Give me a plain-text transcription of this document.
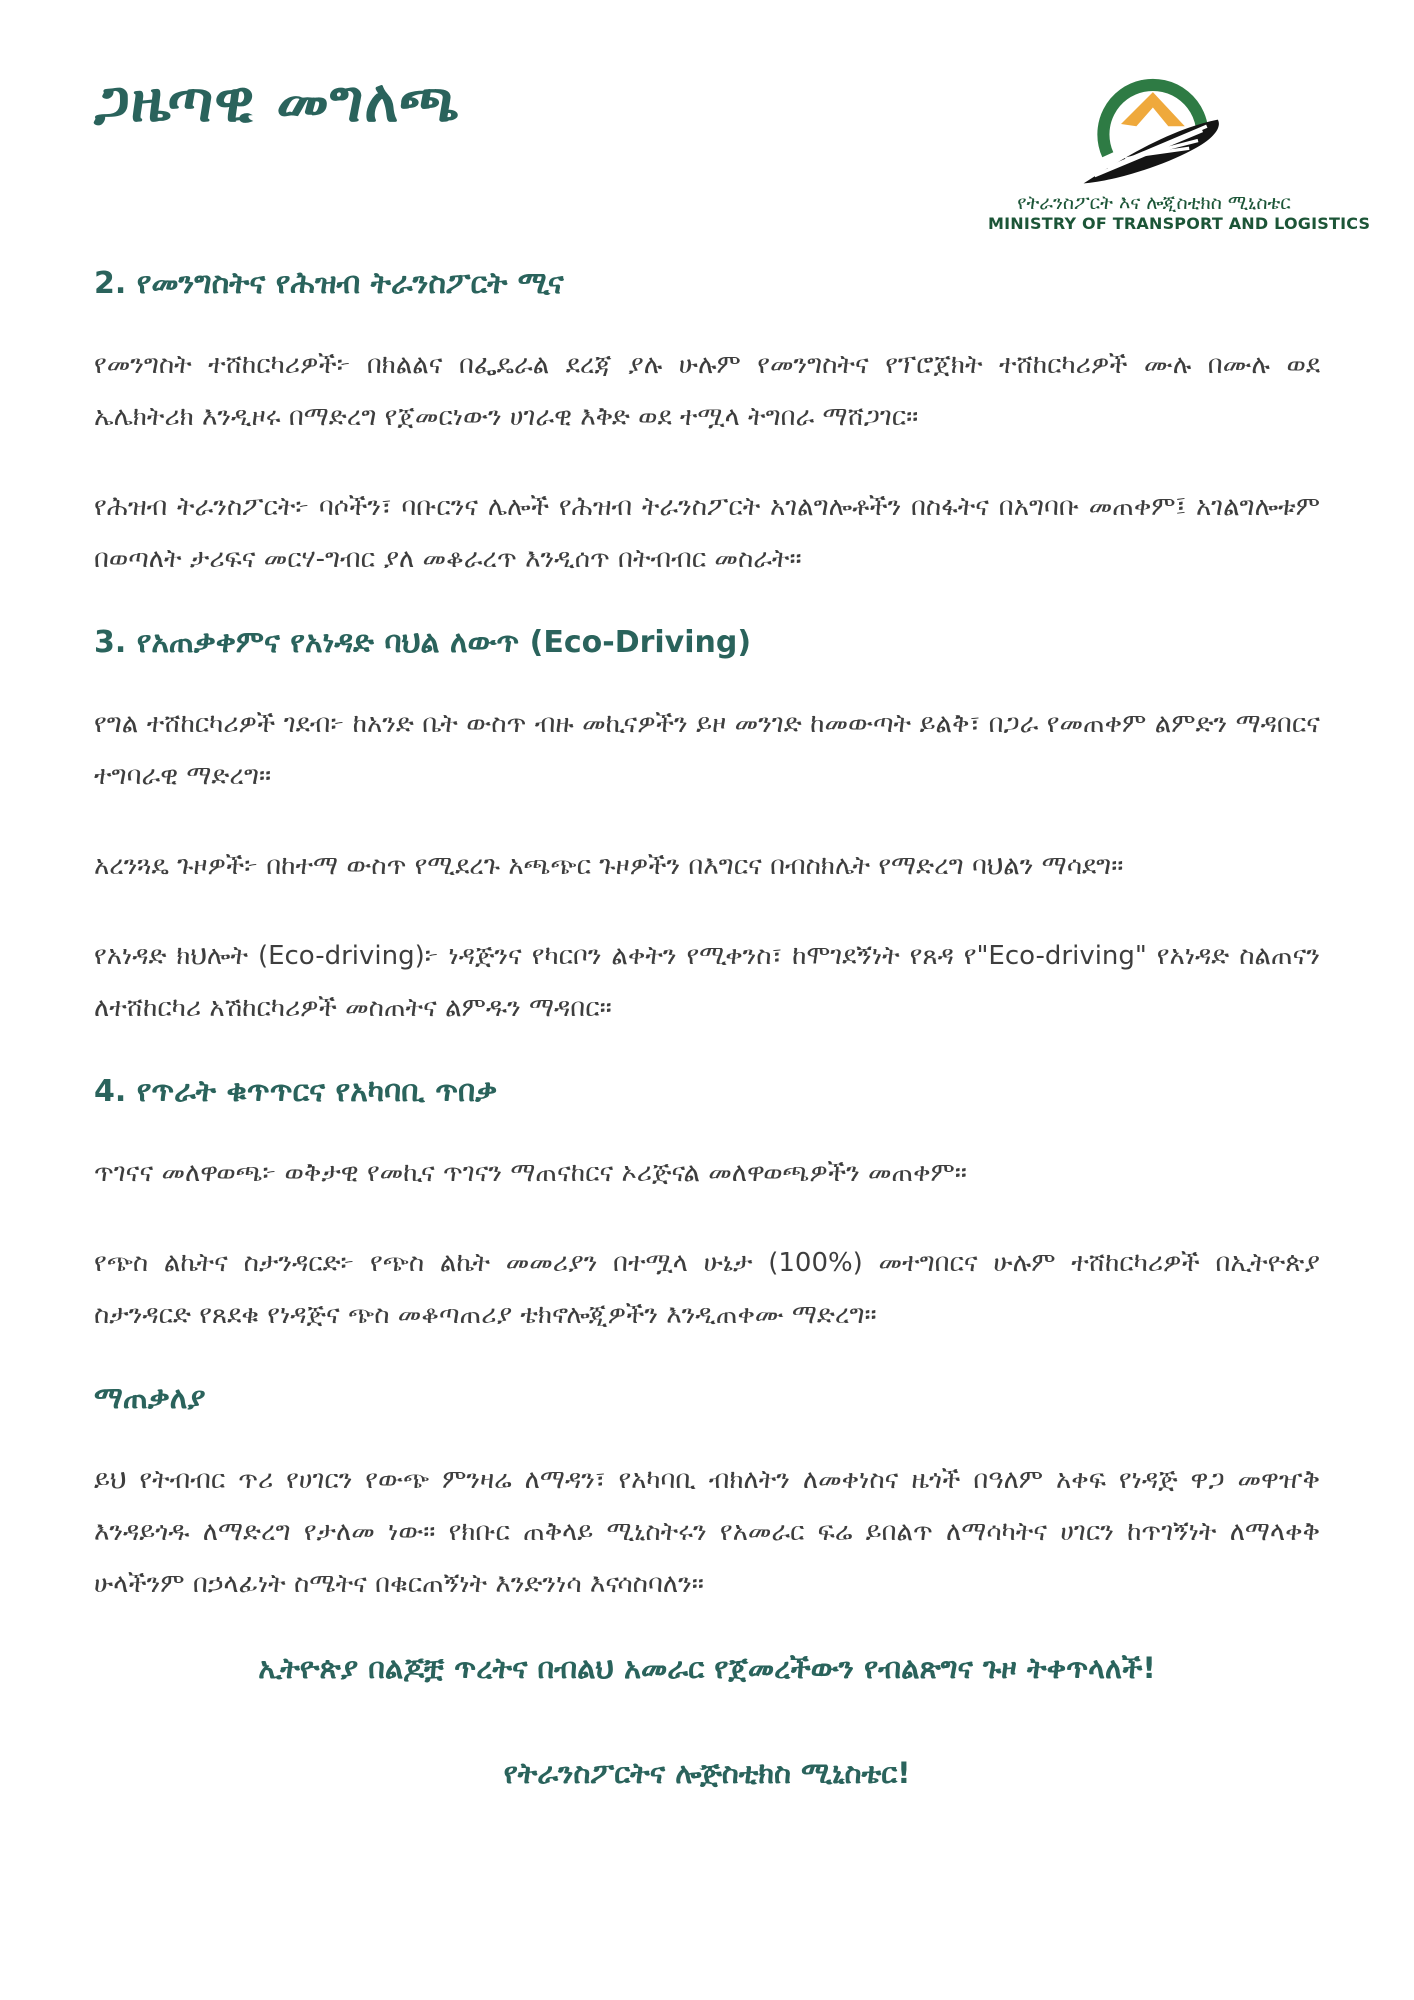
ጋዜጣዊ መግለጫ
የትራንስፖርት እና ሎጂስቲክስ ሚኒስቴር
MINISTRY OF TRANSPORT AND LOGISTICS
2. የመንግስትና የሕዝብ ትራንስፖርት ሚና

የመንግስት ተሸከርካሪዎች፦ በክልልና በፌዴራል ደረጃ ያሉ ሁሉም የመንግስትና የፕሮጀክት ተሸከርካሪዎች ሙሉ በሙሉ ወደ ኤሌክትሪክ እንዲዞሩ በማድረግ የጀመርነውን ሀገራዊ እቅድ ወደ ተሟላ ትግበራ ማሸጋገር።

የሕዝብ ትራንስፖርት፦ ባሶችን፣ ባቡርንና ሌሎች የሕዝብ ትራንስፖርት አገልግሎቶችን በስፋትና በአግባቡ መጠቀም፤ አገልግሎቱም በወጣለት ታሪፍና መርሃ-ግብር ያለ መቆራረጥ እንዲሰጥ በትብብር መስራት።

3. የአጠቃቀምና የአነዳድ ባህል ለውጥ (Eco-Driving)

የግል ተሸከርካሪዎች ገደብ፦ ከአንድ ቤት ውስጥ ብዙ መኪናዎችን ይዞ መንገድ ከመውጣት ይልቅ፣ በጋራ የመጠቀም ልምድን ማዳበርና ተግባራዊ ማድረግ።

አረንጓዴ ጉዞዎች፦ በከተማ ውስጥ የሚደረጉ አጫጭር ጉዞዎችን በእግርና በብስክሌት የማድረግ ባህልን ማሳደግ።

የአነዳድ ክህሎት (Eco-driving)፦ ነዳጅንና የካርቦን ልቀትን የሚቀንስ፣ ከሞገደኝነት የጸዳ የ"Eco-driving" የአነዳድ ስልጠናን ለተሸከርካሪ አሽከርካሪዎች መስጠትና ልምዱን ማዳበር።

4. የጥራት ቁጥጥርና የአካባቢ ጥበቃ

ጥገናና መለዋወጫ፦ ወቅታዊ የመኪና ጥገናን ማጠናከርና ኦሪጅናል መለዋወጫዎችን መጠቀም።

የጭስ ልኬትና ስታንዳርድ፦ የጭስ ልኬት መመሪያን በተሟላ ሁኔታ (100%) መተግበርና ሁሉም ተሸከርካሪዎች በኢትዮጵያ ስታንዳርድ የጸደቁ የነዳጅና ጭስ መቆጣጠሪያ ቴክኖሎጂዎችን እንዲጠቀሙ ማድረግ።

ማጠቃለያ

ይህ የትብብር ጥሪ የሀገርን የውጭ ምንዛሬ ለማዳን፣ የአካባቢ ብክለትን ለመቀነስና ዜጎች በዓለም አቀፍ የነዳጅ ዋጋ መዋዠቅ እንዳይጎዱ ለማድረግ የታለመ ነው። የክቡር ጠቅላይ ሚኒስትሩን የአመራር ፍሬ ይበልጥ ለማሳካትና ሀገርን ከጥገኝነት ለማላቀቅ ሁላችንም በኃላፊነት ስሜትና በቁርጠኝነት እንድንነሳ እናሳስባለን።

ኢትዮጵያ በልጆቿ ጥረትና በብልህ አመራር የጀመረችውን የብልጽግና ጉዞ ትቀጥላለች!

የትራንስፖርትና ሎጅስቲክስ ሚኒስቴር!
